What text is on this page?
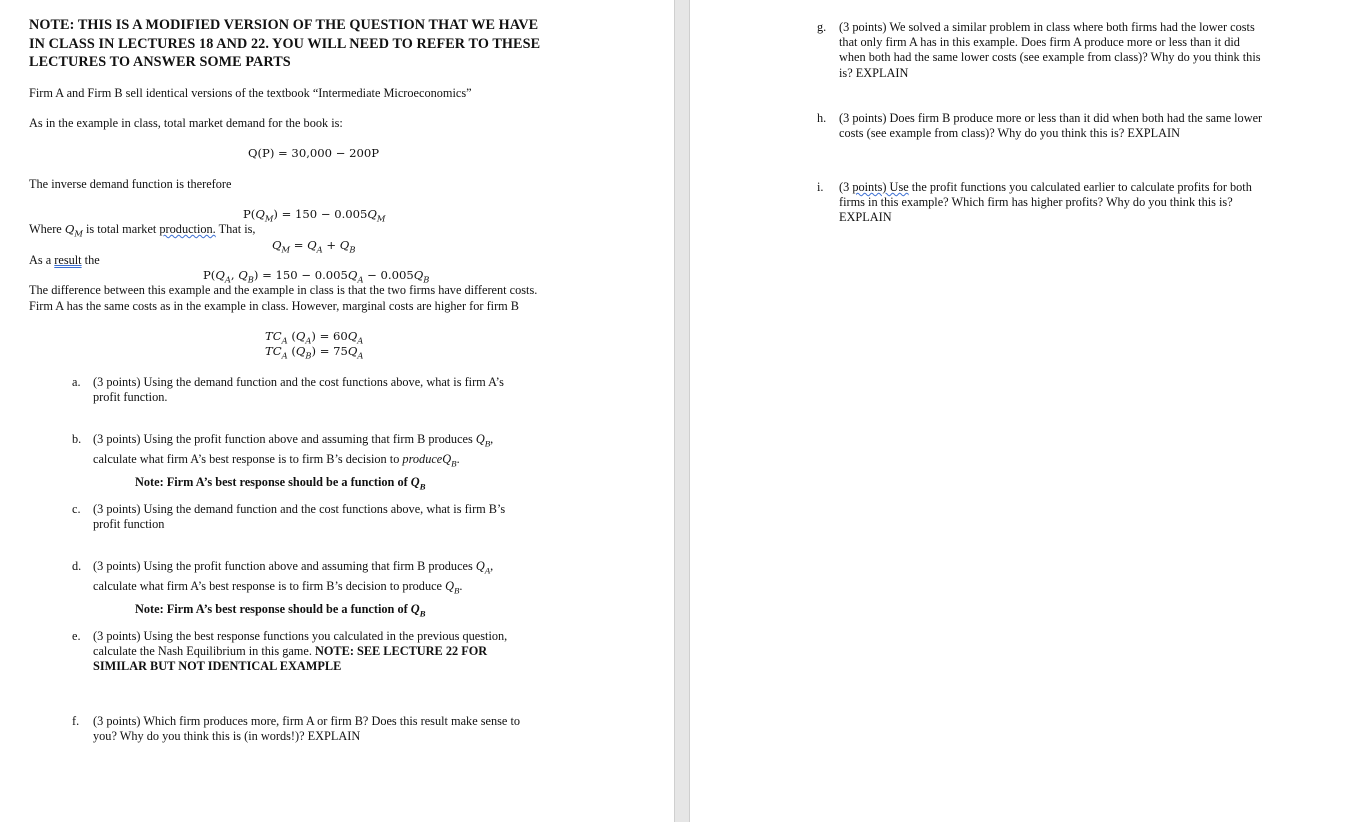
NOTE: THIS IS A MODIFIED VERSION OF THE QUESTION THAT WE HAVE
IN CLASS IN LECTURES 18 AND 22. YOU WILL NEED TO REFER TO THESE
LECTURES TO ANSWER SOME PARTS
Firm A and Firm B sell identical versions of the textbook “Intermediate Microeconomics”
As in the example in class, total market demand for the book is:
Q(P) = 30,000 − 200P
The inverse demand function is therefore
$P(Q_M) = 150 - 0.005Q_M$
Where $Q_M$ is total market production. That is,
$Q_M = Q_A + Q_B$
As a result the
$P(Q_A$, $Q_B) = 150 - 0.005Q_A - 0.005Q_B$
The difference between this example and the example in class is that the two firms have different costs.
Firm A has the same costs as in the example in class. However, marginal costs are higher for firm B
$TC_A$ $(Q_A) = 60Q_A$
$TC_A$ $(Q_B) = 75Q_A$
a. (3 points) Using the demand function and the cost functions above, what is firm A’s
profit function.
b. (3 points) Using the profit function above and assuming that firm B produces $Q_B$,
calculate what firm A’s best response is to firm B’s decision to produceQ$_B$.
Note: Firm A’s best response should be a function of $Q_B$
c. (3 points) Using the demand function and the cost functions above, what is firm B’s
profit function
d. (3 points) Using the profit function above and assuming that firm B produces $Q_A$,
calculate what firm A’s best response is to firm B’s decision to produce $Q_B$.
Note: Firm A’s best response should be a function of $Q_B$
e. (3 points) Using the best response functions you calculated in the previous question,
calculate the Nash Equilibrium in this game. NOTE: SEE LECTURE 22 FOR
SIMILAR BUT NOT IDENTICAL EXAMPLE
f. (3 points) Which firm produces more, firm A or firm B? Does this result make sense to
you? Why do you think this is (in words!)? EXPLAIN
g. (3 points) We solved a similar problem in class where both firms had the lower costs
that only firm A has in this example. Does firm A produce more or less than it did
when both had the same lower costs (see example from class)? Why do you think this
is? EXPLAIN
h. (3 points) Does firm B produce more or less than it did when both had the same lower
costs (see example from class)? Why do you think this is? EXPLAIN
i. (3 points) Use the profit functions you calculated earlier to calculate profits for both
firms in this example? Which firm has higher profits? Why do you think this is?
EXPLAIN
